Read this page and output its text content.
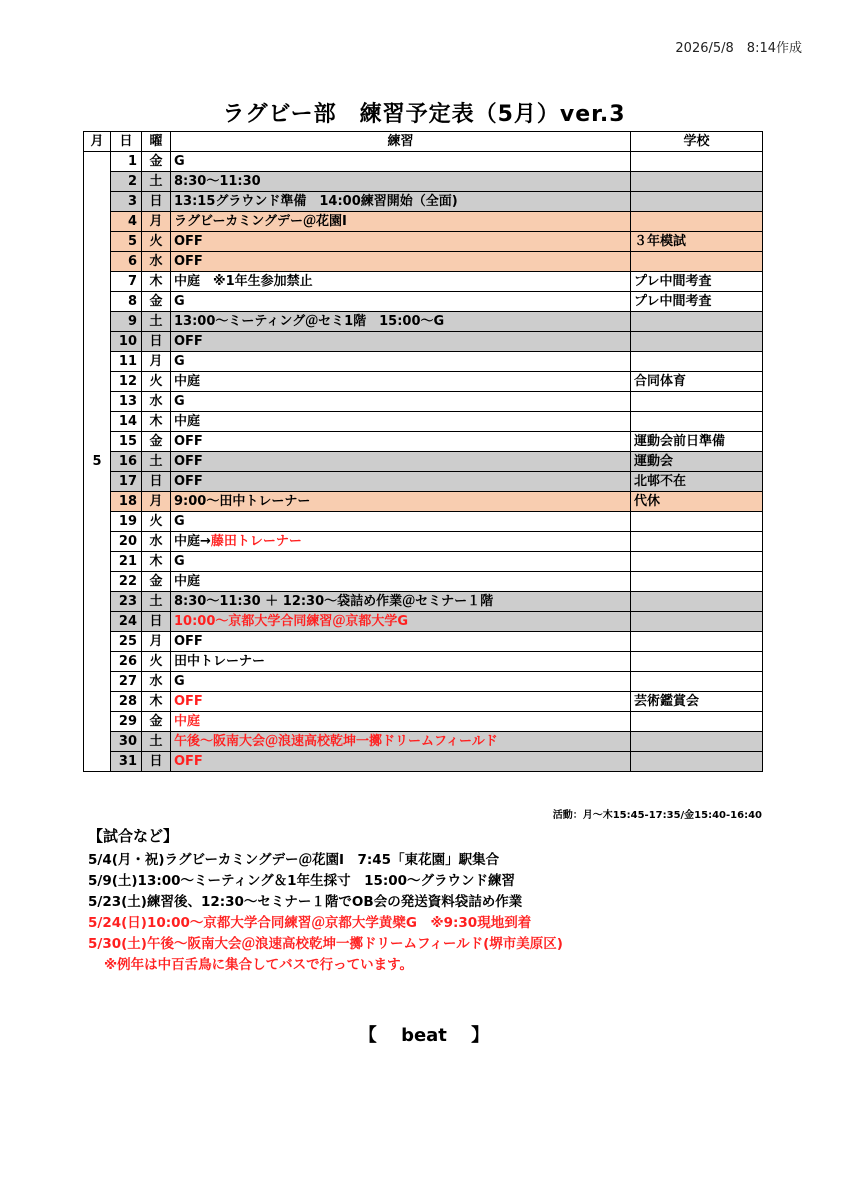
2026/5/8　8:14作成
ラグビー部　練習予定表（5月）ver.3
月	日	曜	練習	学校
5	1	金	G	
	2	土	8:30～11:30	
	3	日	13:15グラウンド準備　14:00練習開始（全面)	
	4	月	ラグビーカミングデー＠花園Ⅰ	
	5	火	OFF	３年模試
	6	水	OFF	
	7	木	中庭　※1年生参加禁止	プレ中間考査
	8	金	G	プレ中間考査
	9	土	13:00～ミーティング＠セミ1階　15:00～G	
	10	日	OFF	
	11	月	G	
	12	火	中庭	合同体育
	13	水	G	
	14	木	中庭	
	15	金	OFF	運動会前日準備
	16	土	OFF	運動会
	17	日	OFF	北邨不在
	18	月	9:00～田中トレーナー	代休
	19	火	G	
	20	水	中庭→藤田トレーナー	
	21	木	G	
	22	金	中庭	
	23	土	8:30～11:30 ＋ 12:30～袋詰め作業＠セミナー１階	
	24	日	10:00～京都大学合同練習＠京都大学G	
	25	月	OFF	
	26	火	田中トレーナー	
	27	水	G	
	28	木	OFF	芸術鑑賞会
	29	金	中庭	
	30	土	午後～阪南大会＠浪速高校乾坤一擲ドリームフィールド	
	31	日	OFF	
活動：月～木15:45-17:35/金15:40-16:40
【試合など】
5/4(月・祝)ラグビーカミングデー＠花園Ⅰ　7:45「東花園」駅集合
5/9(土)13:00～ミーティング＆1年生採寸　15:00～グラウンド練習
5/23(土)練習後、12:30～セミナー１階でOB会の発送資料袋詰め作業
5/24(日)10:00～京都大学合同練習＠京都大学黄檗G　※9:30現地到着
5/30(土)午後～阪南大会＠浪速高校乾坤一擲ドリームフィールド(堺市美原区)
※例年は中百舌鳥に集合してバスで行っています。
【　 beat　 】
